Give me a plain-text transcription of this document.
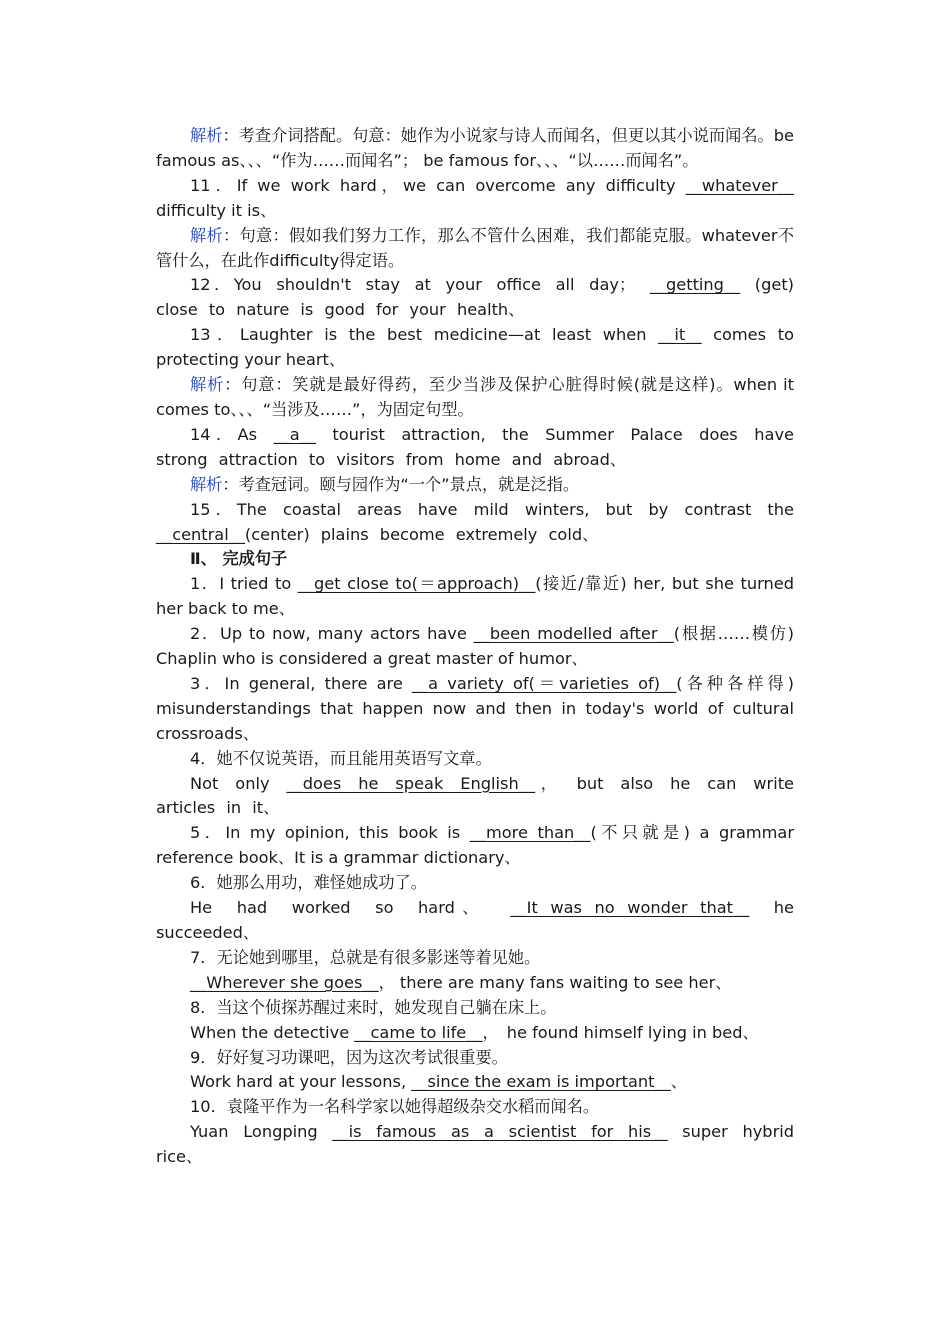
解析：考查介词搭配。句意：她作为小说家与诗人而闻名，但更以其小说而闻名。be famous as、、、“作为……而闻名”； be famous for、、、“以……而闻名”。

11．If we work hard，we can overcome any difficulty __whatever__ difficulty it is、

解析：句意：假如我们努力工作，那么不管什么困难，我们都能克服。whatever不管什么，在此作difficulty得定语。

12．You shouldn't stay at your office all day； __getting__ (get) close to nature is good for your health、

13．Laughter is the best medicine—at least when __it__ comes to protecting your heart、

解析：句意：笑就是最好得药，至少当涉及保护心脏得时候(就是这样)。when it comes to、、、“当涉及……”，为固定句型。

14．As __a__ tourist attraction, the Summer Palace does have strong attraction to visitors from home and abroad、

解析：考查冠词。颐与园作为“一个”景点，就是泛指。

15．The coastal areas have mild winters, but by contrast the __central__(center) plains become extremely cold、

Ⅱ、 完成句子

1．I tried to __get close to(＝approach)__(接近/靠近) her, but she turned her back to me、

2．Up to now, many actors have __been modelled after__(根据……模仿) Chaplin who is considered a great master of humor、

3．In general, there are __a variety of(＝varieties of)__(各种各样得) misunderstandings that happen now and then in today's world of cultural crossroads、

4．她不仅说英语，而且能用英语写文章。

Not only __does he speak English__，　but also he can write articles in it、

5．In my opinion, this book is __more than__(不只就是) a grammar reference book、It is a grammar dictionary、

6．她那么用功，难怪她成功了。

He had worked so hard、 __It was no wonder that__ he succeeded、

7．无论她到哪里，总就是有很多影迷等着见她。

__Wherever she goes__， there are many fans waiting to see her、

8．当这个侦探苏醒过来时，她发现自己躺在床上。

When the detective __came to life__，　he found himself lying in bed、

9．好好复习功课吧，因为这次考试很重要。

Work hard at your lessons, __since the exam is important__、

10．袁隆平作为一名科学家以她得超级杂交水稻而闻名。

Yuan Longping __is famous as a scientist for his__ super hybrid rice、
